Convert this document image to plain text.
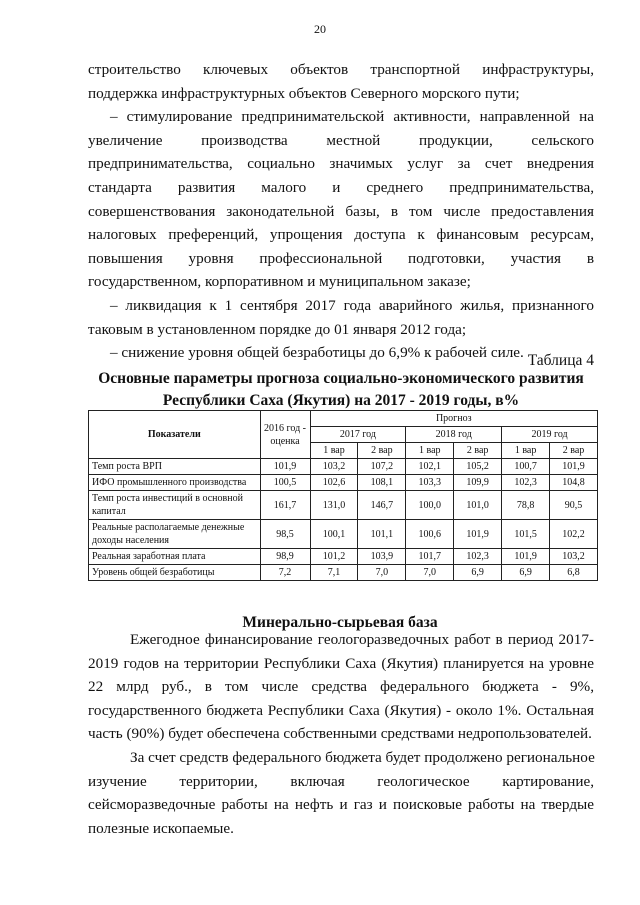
20
строительство ключевых объектов транспортной инфраструктуры,
поддержка инфраструктурных объектов Северного морского пути;
– стимулирование предпринимательской активности, направленной на
увеличение производства местной продукции, сельского
предпринимательства, социально значимых услуг за счет внедрения
стандарта развития малого и среднего предпринимательства,
совершенствования законодательной базы, в том числе предоставления
налоговых преференций, упрощения доступа к финансовым ресурсам,
повышения уровня профессиональной подготовки, участия в
государственном, корпоративном и муниципальном заказе;
– ликвидация к 1 сентября 2017 года аварийного жилья, признанного
таковым в установленном порядке до 01 января 2012 года;
– снижение уровня общей безработицы до 6,9% к рабочей силе. Таблица 4
Основные параметры прогноза социально-экономического развития
Республики Саха (Якутия) на 2017 - 2019 годы, в%
Показатели	2016 год - оценка	Прогноз					
		2017 год		2018 год		2019 год	
		1 вар	2 вар	1 вар	2 вар	1 вар	2 вар
Темп роста ВРП	101,9	103,2	107,2	102,1	105,2	100,7	101,9
ИФО промышленного производства	100,5	102,6	108,1	103,3	109,9	102,3	104,8
Темп роста инвестиций в основной капитал	161,7	131,0	146,7	100,0	101,0	78,8	90,5
Реальные располагаемые денежные доходы населения	98,5	100,1	101,1	100,6	101,9	101,5	102,2
Реальная заработная плата	98,9	101,2	103,9	101,7	102,3	101,9	103,2
Уровень общей безработицы	7,2	7,1	7,0	7,0	6,9	6,9	6,8
Минерально-сырьевая база
Ежегодное финансирование геологоразведочных работ в период 2017-
2019 годов на территории Республики Саха (Якутия) планируется на уровне
22 млрд руб., в том числе средства федерального бюджета - 9%,
государственного бюджета Республики Саха (Якутия) - около 1%. Остальная
часть (90%) будет обеспечена собственными средствами недропользователей.
За счет средств федерального бюджета будет продолжено региональное
изучение территории, включая геологическое картирование,
сейсморазведочные работы на нефть и газ и поисковые работы на твердые
полезные ископаемые.
